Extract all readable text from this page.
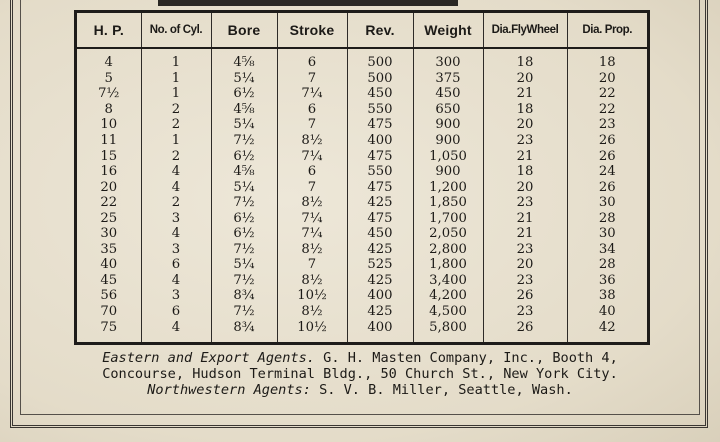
H. P.	No. of Cyl.	Bore	Stroke	Rev.	Weight	Dia.FlyWheel	Dia. Prop.
4	1	4⅝	6	500	300	18	18
5	1	5¼	7	500	375	20	20
7½	1	6½	7¼	450	450	21	22
8	2	4⅝	6	550	650	18	22
10	2	5¼	7	475	900	20	23
11	1	7½	8½	400	900	23	26
15	2	6½	7¼	475	1,050	21	26
16	4	4⅝	6	550	900	18	24
20	4	5¼	7	475	1,200	20	26
22	2	7½	8½	425	1,850	23	30
25	3	6½	7¼	475	1,700	21	28
30	4	6½	7¼	450	2,050	21	30
35	3	7½	8½	425	2,800	23	34
40	6	5¼	7	525	1,800	20	28
45	4	7½	8½	425	3,400	23	36
56	3	8¾	10½	400	4,200	26	38
70	6	7½	8½	425	4,500	23	40
75	4	8¾	10½	400	5,800	26	42
Eastern and Export Agents. G. H. Masten Company, Inc., Booth 4,
Concourse, Hudson Terminal Bldg., 50 Church St., New York City.
Northwestern Agents: S. V. B. Miller, Seattle, Wash.
